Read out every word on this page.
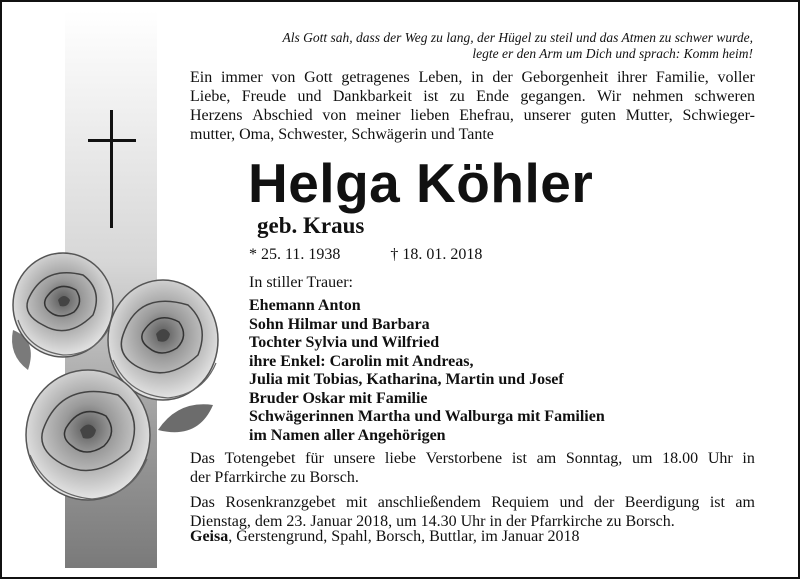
Als Gott sah, dass der Weg zu lang, der Hügel zu steil und das Atmen zu schwer wurde,
legte er den Arm um Dich und sprach: Komm heim!
Ein immer von Gott getragenes Leben, in der Geborgenheit ihrer Familie, voller
Liebe, Freude und Dankbarkeit ist zu Ende gegangen. Wir nehmen schweren
Herzens Abschied von meiner lieben Ehefrau, unserer guten Mutter, Schwieger-
mutter, Oma, Schwester, Schwägerin und Tante
Helga Köhler
geb. Kraus
* 25. 11. 1938	† 18. 01. 2018
In stiller Trauer:
Ehemann Anton
Sohn Hilmar und Barbara
Tochter Sylvia und Wilfried
ihre Enkel: Carolin mit Andreas,
Julia mit Tobias, Katharina, Martin und Josef
Bruder Oskar mit Familie
Schwägerinnen Martha und Walburga mit Familien
im Namen aller Angehörigen
Das Totengebet für unsere liebe Verstorbene ist am Sonntag, um 18.00 Uhr in
der Pfarrkirche zu Borsch.
Das Rosenkranzgebet mit anschließendem Requiem und der Beerdigung ist am
Dienstag, dem 23. Januar 2018, um 14.30 Uhr in der Pfarrkirche zu Borsch.
Geisa, Gerstengrund, Spahl, Borsch, Buttlar, im Januar 2018
